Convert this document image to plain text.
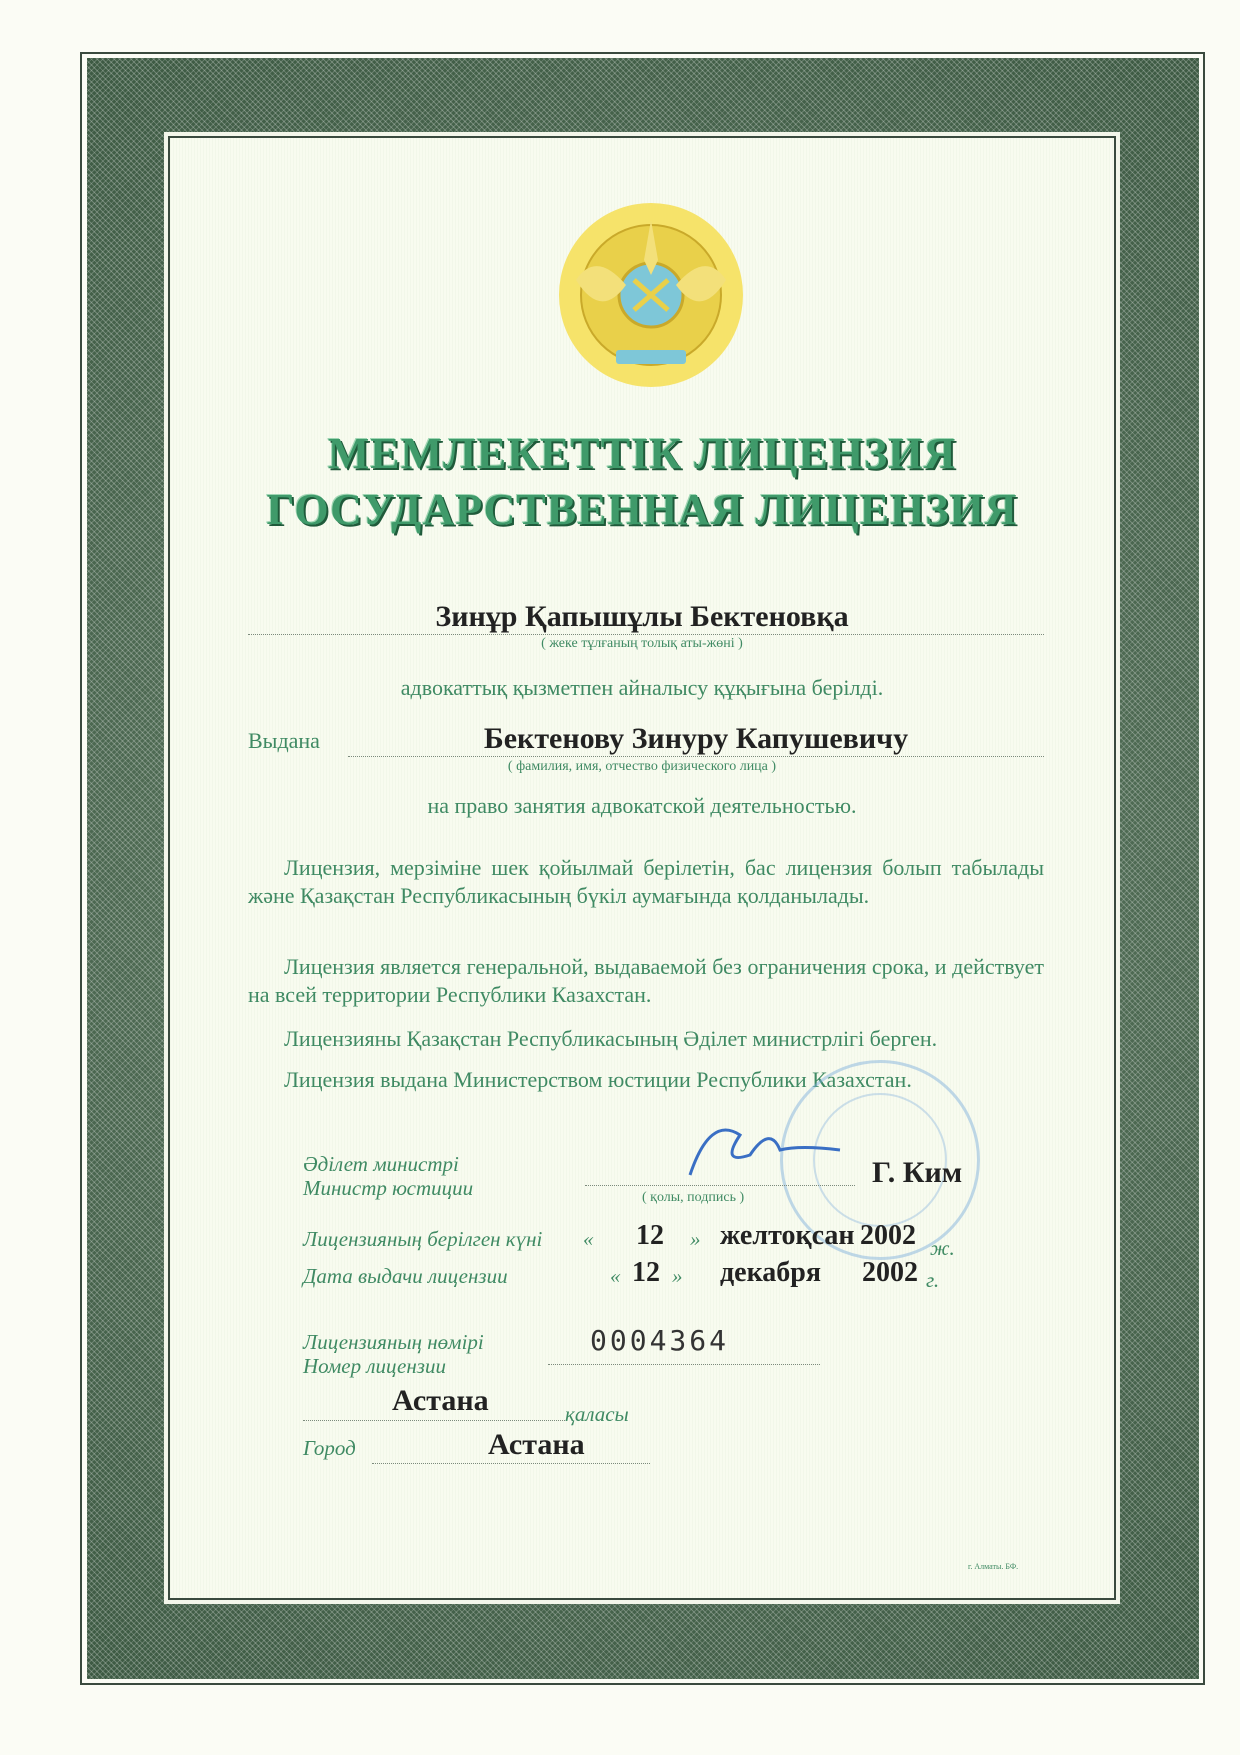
МЕМЛЕКЕТТІК ЛИЦЕНЗИЯ
ГОСУДАРСТВЕННАЯ ЛИЦЕНЗИЯ
Зинұр Қапышұлы Бектеновқа
( жеке тұлғаның толық аты-жөні )
адвокаттық қызметпен айналысу құқығына берілді.
Выдана	Бектенову Зинуру Капушевичу
( фамилия, имя, отчество физического лица )
на право занятия адвокатской деятельностью.
Лицензия, мерзіміне шек қойылмай берілетін, бас лицензия болып табылады және Қазақстан Республикасының бүкіл аумағында қолданылады.
Лицензия является генеральной, выдаваемой без ограничения срока, и действует на всей территории Республики Казахстан.
Лицензияны Қазақстан Республикасының Әділет министрлігі берген.
Лицензия выдана Министерством юстиции Республики Казахстан.
Әділет министрі
Министр юстиции	Г. Ким
( қолы, подпись )
Лицензияның берілген күні « 12 » желтоқсан 2002 ж.
Дата выдачи лицензии	« 12 » декабря 2002 г.
Лицензияның нөмірі
Номер лицензии
0004364
Астана	қаласы
Город	Астана
г. Алматы. БФ.
